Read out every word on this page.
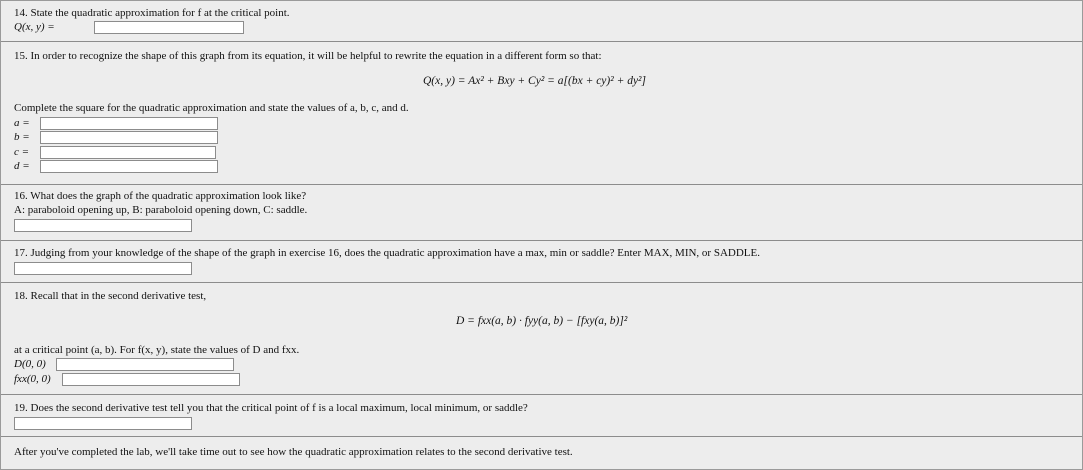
14. State the quadratic approximation for f at the critical point.
Q(x, y) =
15. In order to recognize the shape of this graph from its equation, it will be helpful to rewrite the equation in a different form so that:
Q(x, y) = Ax² + Bxy + Cy² = a[(bx + cy)² + dy²]
Complete the square for the quadratic approximation and state the values of a, b, c, and d.
a =
b =
c =
d =
16. What does the graph of the quadratic approximation look like?
A: paraboloid opening up, B: paraboloid opening down, C: saddle.
17. Judging from your knowledge of the shape of the graph in exercise 16, does the quadratic approximation have a max, min or saddle? Enter MAX, MIN, or SADDLE.
18. Recall that in the second derivative test,
D = fxx(a, b) · fyy(a, b) − [fxy(a, b)]²
at a critical point (a, b). For f(x, y), state the values of D and fxx.
D(0, 0)
fxx(0, 0)
19. Does the second derivative test tell you that the critical point of f is a local maximum, local minimum, or saddle?
After you've completed the lab, we'll take time out to see how the quadratic approximation relates to the second derivative test.
